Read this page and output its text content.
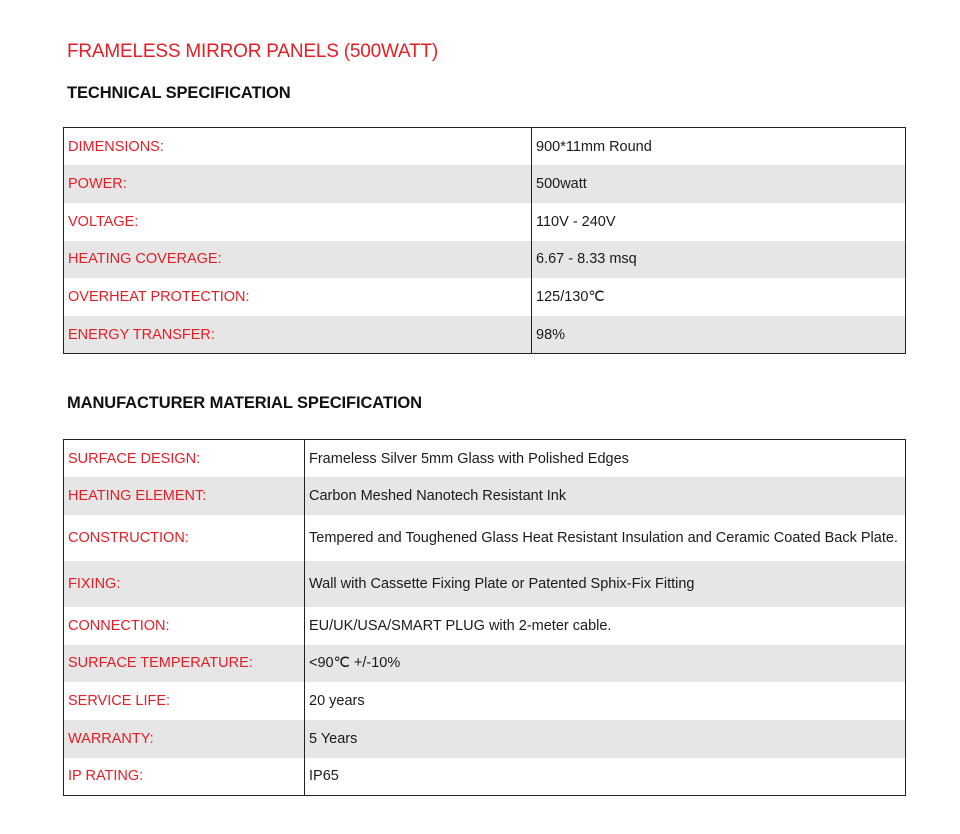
FRAMELESS MIRROR PANELS (500WATT)
TECHNICAL SPECIFICATION
DIMENSIONS:	900*11mm Round
POWER:	500watt
VOLTAGE:	110V - 240V
HEATING COVERAGE:	6.67 - 8.33 msq
OVERHEAT PROTECTION:	125/130℃
ENERGY TRANSFER:	98%
MANUFACTURER MATERIAL SPECIFICATION
SURFACE DESIGN:	Frameless Silver 5mm Glass with Polished Edges
HEATING ELEMENT:	Carbon Meshed Nanotech Resistant Ink
CONSTRUCTION:	Tempered and Toughened Glass Heat Resistant Insulation and Ceramic Coated Back Plate.
FIXING:	Wall with Cassette Fixing Plate or Patented Sphix-Fix Fitting
CONNECTION:	EU/UK/USA/SMART PLUG with 2-meter cable.
SURFACE TEMPERATURE:	<90℃ +/-10%
SERVICE LIFE:	20 years
WARRANTY:	5 Years
IP RATING:	IP65
